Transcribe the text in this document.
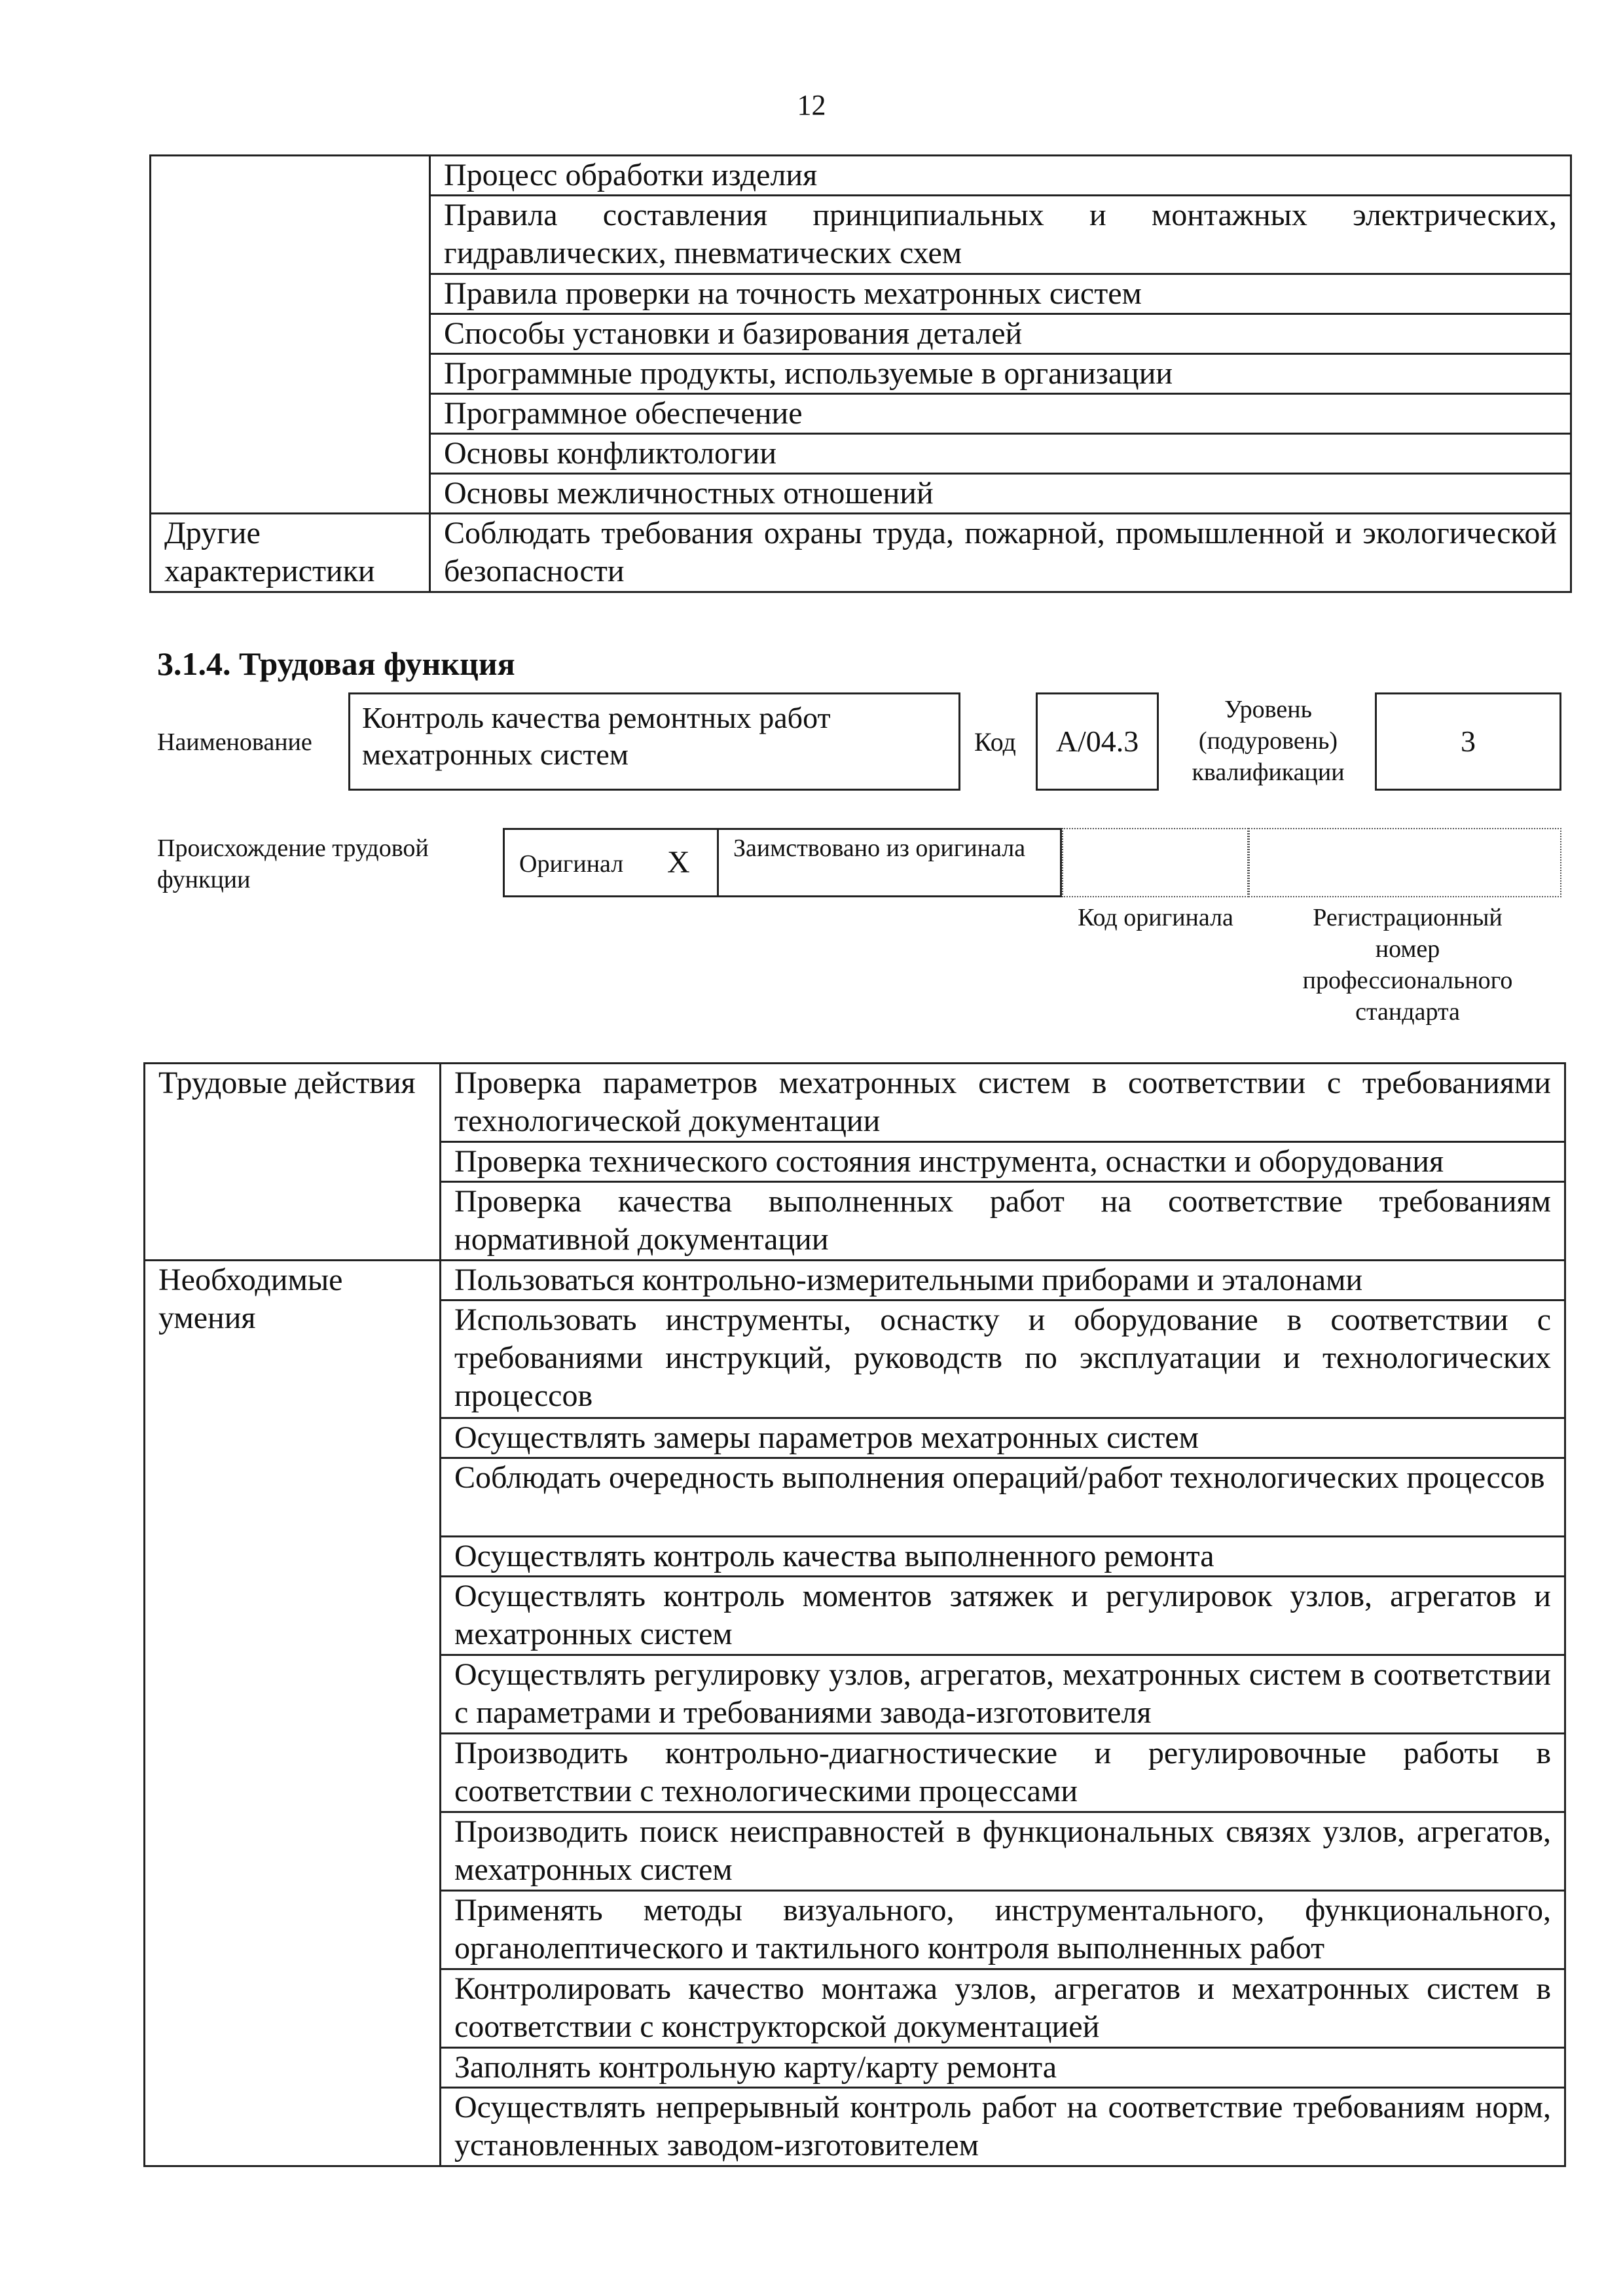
12
	Процесс обработки изделия
	Правила составления принципиальных и монтажных электрических, гидравлических, пневматических схем
	Правила проверки на точность мехатронных систем
	Способы установки и базирования деталей
	Программные продукты, используемые в организации
	Программное обеспечение
	Основы конфликтологии
	Основы межличностных отношений
Другие характеристики	Соблюдать требования охраны труда, пожарной, промышленной и экологической безопасности
3.1.4. Трудовая функция
Наименование
Контроль качества ремонтных работ мехатронных систем	Код	A/04.3
Уровень (подуровень) квалификации
3
Происхождение трудовой функции
Оригинал X	Заимствовано из оригинала
Код оригинала	Регистрационный номер профессионального стандарта
Трудовые действия	Проверка параметров мехатронных систем в соответствии с требованиями технологической документации
	Проверка технического состояния инструмента, оснастки и оборудования
	Проверка качества выполненных работ на соответствие требованиям нормативной документации
Необходимые умения	Пользоваться контрольно-измерительными приборами и эталонами
	Использовать инструменты, оснастку и оборудование в соответствии с требованиями инструкций, руководств по эксплуатации и технологических процессов
	Осуществлять замеры параметров мехатронных систем
	Соблюдать очередность выполнения операций/работ технологических процессов
	Осуществлять контроль качества выполненного ремонта
	Осуществлять контроль моментов затяжек и регулировок узлов, агрегатов и мехатронных систем
	Осуществлять регулировку узлов, агрегатов, мехатронных систем в соответствии с параметрами и требованиями завода-изготовителя
	Производить контрольно-диагностические и регулировочные работы в соответствии с технологическими процессами
	Производить поиск неисправностей в функциональных связях узлов, агрегатов, мехатронных систем
	Применять методы визуального, инструментального, функционального, органолептического и тактильного контроля выполненных работ
	Контролировать качество монтажа узлов, агрегатов и мехатронных систем в соответствии с конструкторской документацией
	Заполнять контрольную карту/карту ремонта
	Осуществлять непрерывный контроль работ на соответствие требованиям норм, установленных заводом-изготовителем
